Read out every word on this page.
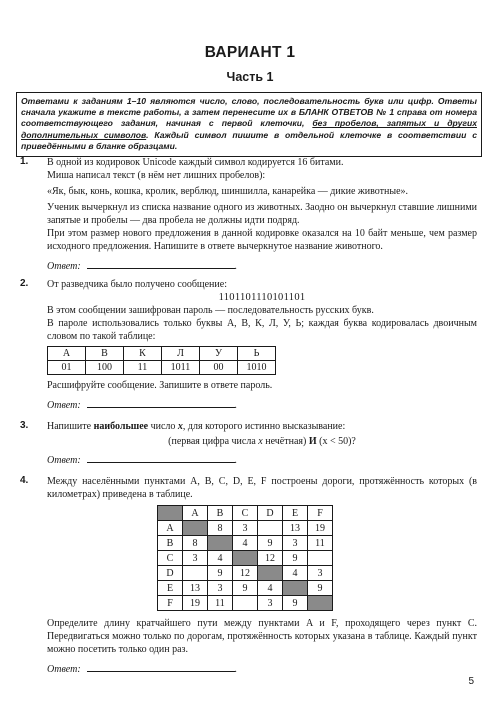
ВАРИАНТ 1
Часть 1
Ответами к заданиям 1–10 являются число, слово, последовательность букв или цифр. Ответы сначала укажите в тексте работы, а затем перенесите их в БЛАНК ОТВЕТОВ № 1 справа от номера соответствующего задания, начиная с первой клеточки, без пробелов, запятых и других дополнительных символов. Каждый символ пишите в отдельной клеточке в соответствии с приведёнными в бланке образцами.
1. В одной из кодировок Unicode каждый символ кодируется 16 битами.

Миша написал текст (в нём нет лишних пробелов):

«Як, бык, конь, кошка, кролик, верблюд, шиншилла, канарейка — дикие животные».

Ученик вычеркнул из списка название одного из животных. Заодно он вычеркнул ставшие лишними запятые и пробелы — два пробела не должны идти подряд.

При этом размер нового предложения в данной кодировке оказался на 10 байт меньше, чем размер исходного предложения. Напишите в ответе вычеркнутое название животного.

Ответ:	.
2. От разведчика было получено сообщение:

1101101110101101

В этом сообщении зашифрован пароль — последовательность русских букв.

В пароле использовались только буквы А, В, К, Л, У, Ь; каждая буква кодировалась двоичным словом по такой таблице:

А	В	К	Л	У	Ь
01	100	11	1011	00	1010

Расшифруйте сообщение. Запишите в ответе пароль.

Ответ:	.
3. Напишите наибольшее число x, для которого истинно высказывание:

(первая цифра числа x нечётная) И (x < 50)?

Ответ:	.
4. Между населёнными пунктами A, B, C, D, E, F построены дороги, протяжённость которых (в километрах) приведена в таблице.

	A	B	C	D	E	F
A		8	3		13	19
B	8		4	9	3	11
C	3	4		12	9	
D		9	12		4	3
E	13	3	9	4		9
F	19	11		3	9	

Определите длину кратчайшего пути между пунктами A и F, проходящего через пункт C. Передвигаться можно только по дорогам, протяжённость которых указана в таблице. Каждый пункт можно посетить только один раз.

Ответ:	.
5
